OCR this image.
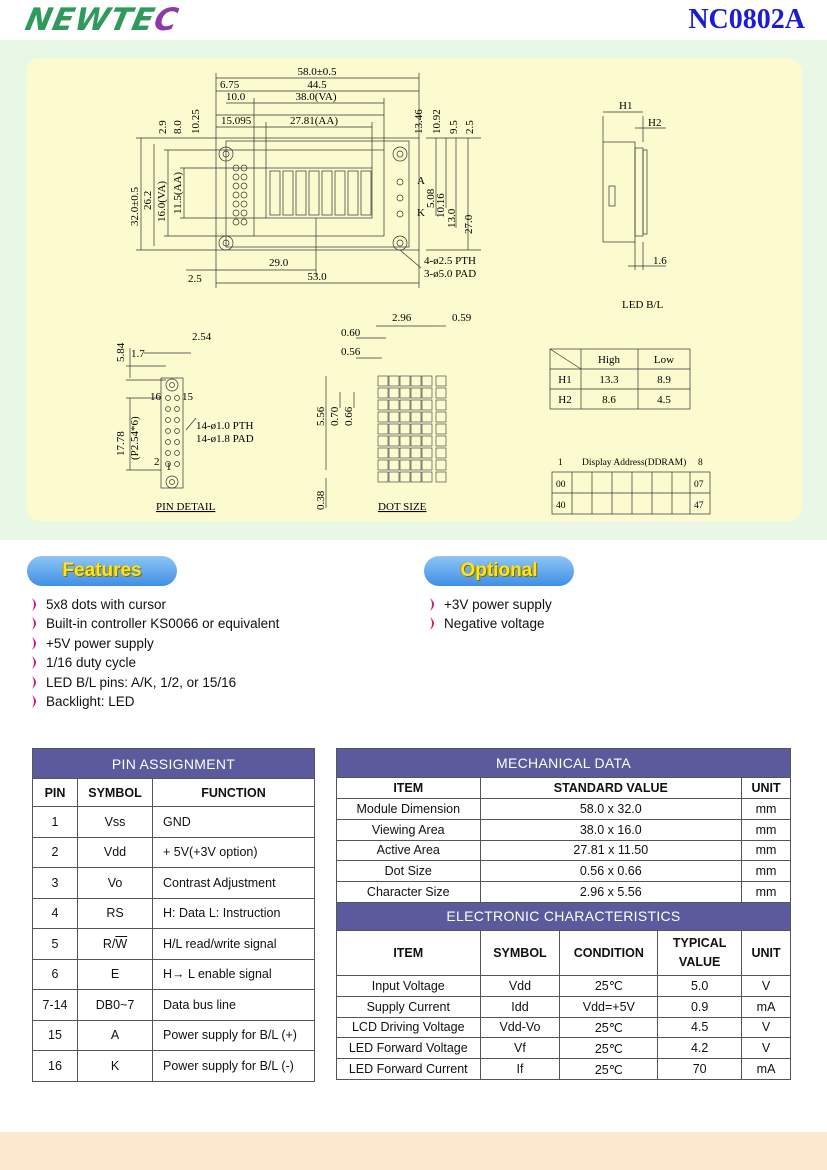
NEWTEC	NC0802A
58.0±0.5
6.75	44.5
10.0	38.0(VA)
15.095	27.81(AA)
2.9 8.0 10.25
32.0±0.5 26.2 16.0(VA) 11.5(AA)
13.46 10.92 9.5 2.5
5.08
10.16
13.0 27.0
A
K
2.5
29.0
53.0
4-ø2.5 PTH
3-ø5.0 PAD
H1
H2
1.6
LED B/L
5.84 1.7
2.54
17.78 (P2.54*6)
16 15
2 1
14-ø1.0 PTH
14-ø1.8 PAD
PIN DETAIL
2.96	0.59
0.60
0.56
5.56 0.70 0.66
0.38	DOT SIZE
High	Low
H1	13.3	8.9
H2	8.6	4.5
1 Display Address(DDRAM) 8
00	07
40	47
Features
5x8 dots with cursor
Built-in controller KS0066 or equivalent
+5V power supply
1/16 duty cycle
LED B/L pins: A/K, 1/2, or 15/16
Backlight: LED
Optional
+3V power supply
Negative voltage
PIN ASSIGNMENT		
PIN	SYMBOL	FUNCTION
1	Vss	GND
2	Vdd	+ 5V(+3V option)
3	Vo	Contrast Adjustment
4	RS	H: Data L: Instruction
5	$R/\overline{W}$	H/L read/write signal
6	E	H→ L enable signal
7-14	DB0~7	Data bus line
15	A	Power supply for B/L (+)
16	K	Power supply for B/L (-)
MECHANICAL DATA				
ITEM	STANDARD VALUE			UNIT
Module Dimension	58.0 x 32.0			mm
Viewing Area	38.0 x 16.0			mm
Active Area	27.81 x 11.50			mm
Dot Size	0.56 x 0.66			mm
Character Size	2.96 x 5.56			mm
ELECTRONIC CHARACTERISTICS				
ITEM	SYMBOL	CONDITION	TYPICAL
VALUE	UNIT
Input Voltage	Vdd	25℃	5.0	V
Supply Current	Idd	Vdd=+5V	0.9	mA
LCD Driving Voltage	Vdd-Vo	25℃	4.5	V
LED Forward Voltage	Vf	25℃	4.2	V
LED Forward Current	If	25℃	70	mA
